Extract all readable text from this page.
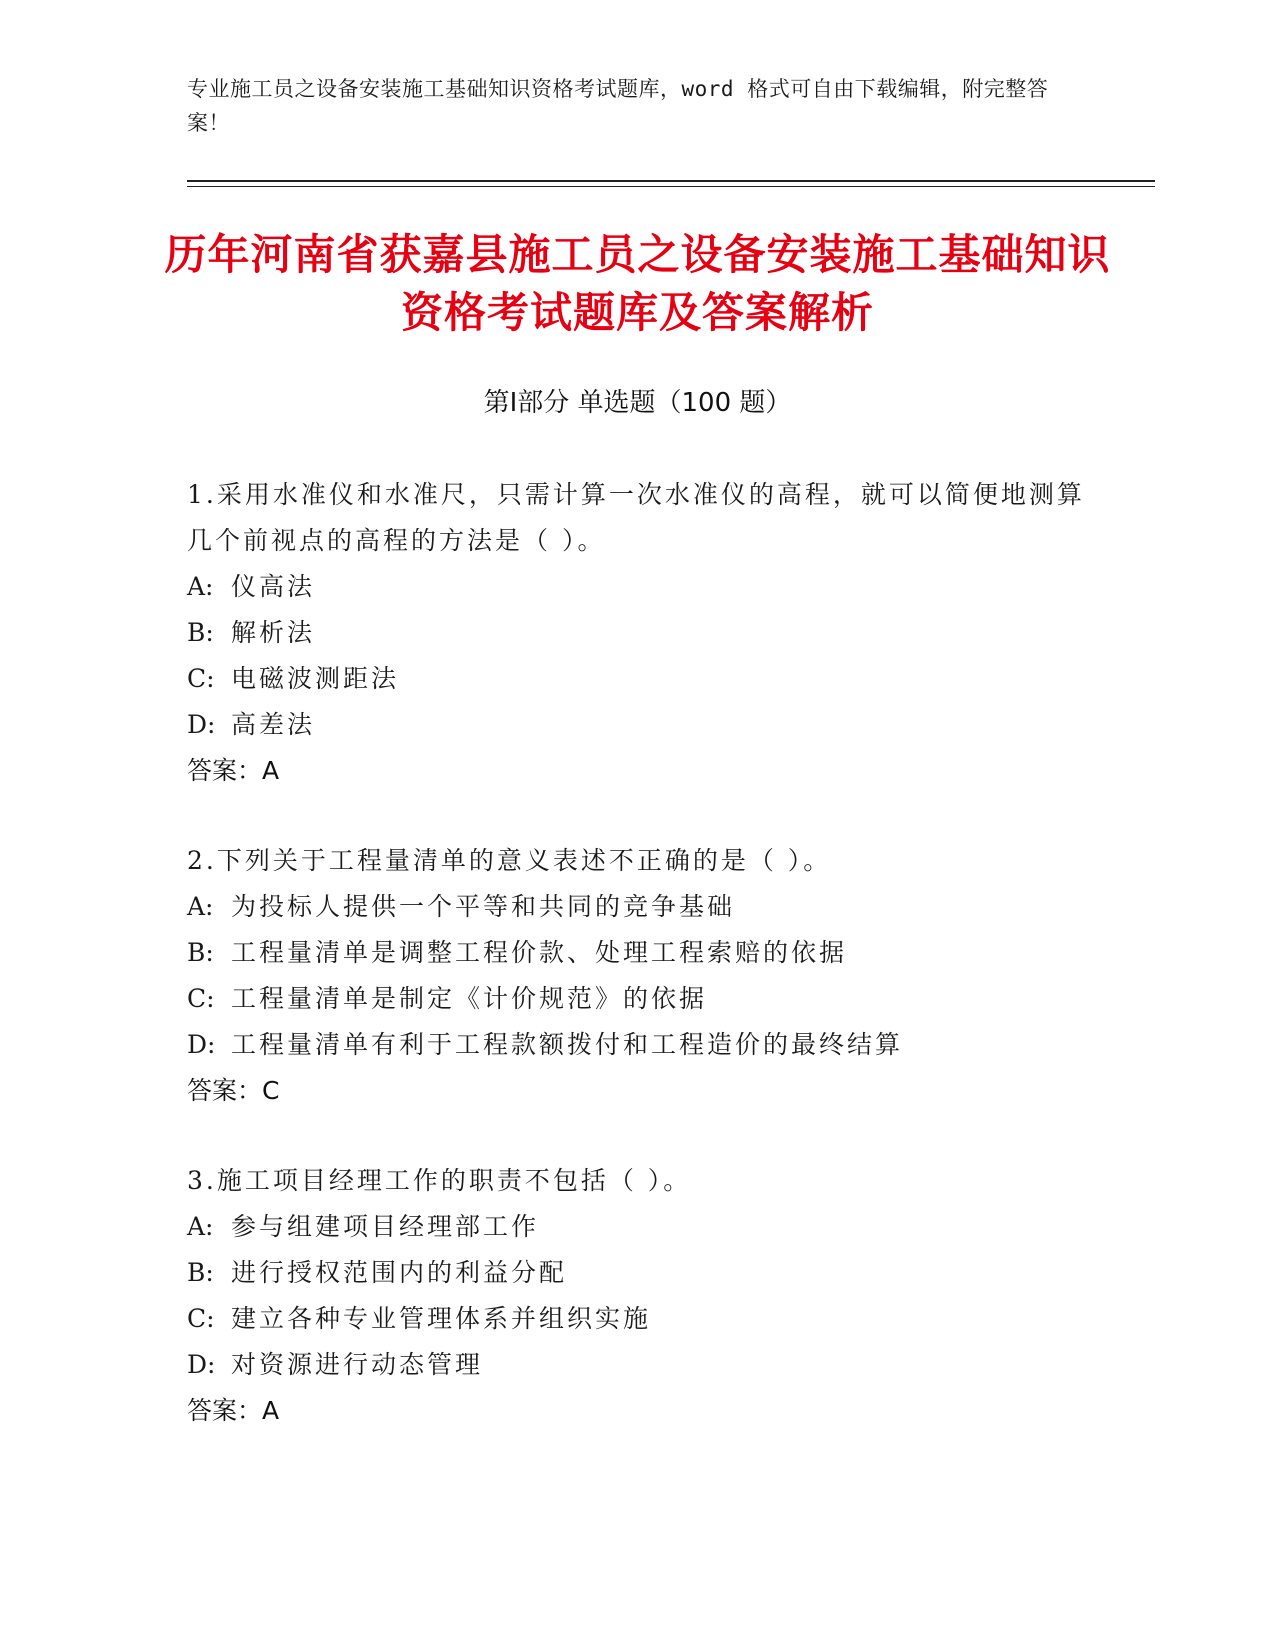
专业施工员之设备安装施工基础知识资格考试题库，word 格式可自由下载编辑，附完整答案！
历年河南省获嘉县施工员之设备安装施工基础知识资格考试题库及答案解析
第Ⅰ部分 单选题（100 题）
1.采用水准仪和水准尺，只需计算一次水准仪的高程，就可以简便地测算几个前视点的高程的方法是（ ）。
A: 仪高法
B: 解析法
C: 电磁波测距法
D: 高差法
答案：A
2.下列关于工程量清单的意义表述不正确的是（ ）。
A: 为投标人提供一个平等和共同的竞争基础
B: 工程量清单是调整工程价款、处理工程索赔的依据
C: 工程量清单是制定《计价规范》的依据
D: 工程量清单有利于工程款额拨付和工程造价的最终结算
答案：C
3.施工项目经理工作的职责不包括（ ）。
A: 参与组建项目经理部工作
B: 进行授权范围内的利益分配
C: 建立各种专业管理体系并组织实施
D: 对资源进行动态管理
答案：A
